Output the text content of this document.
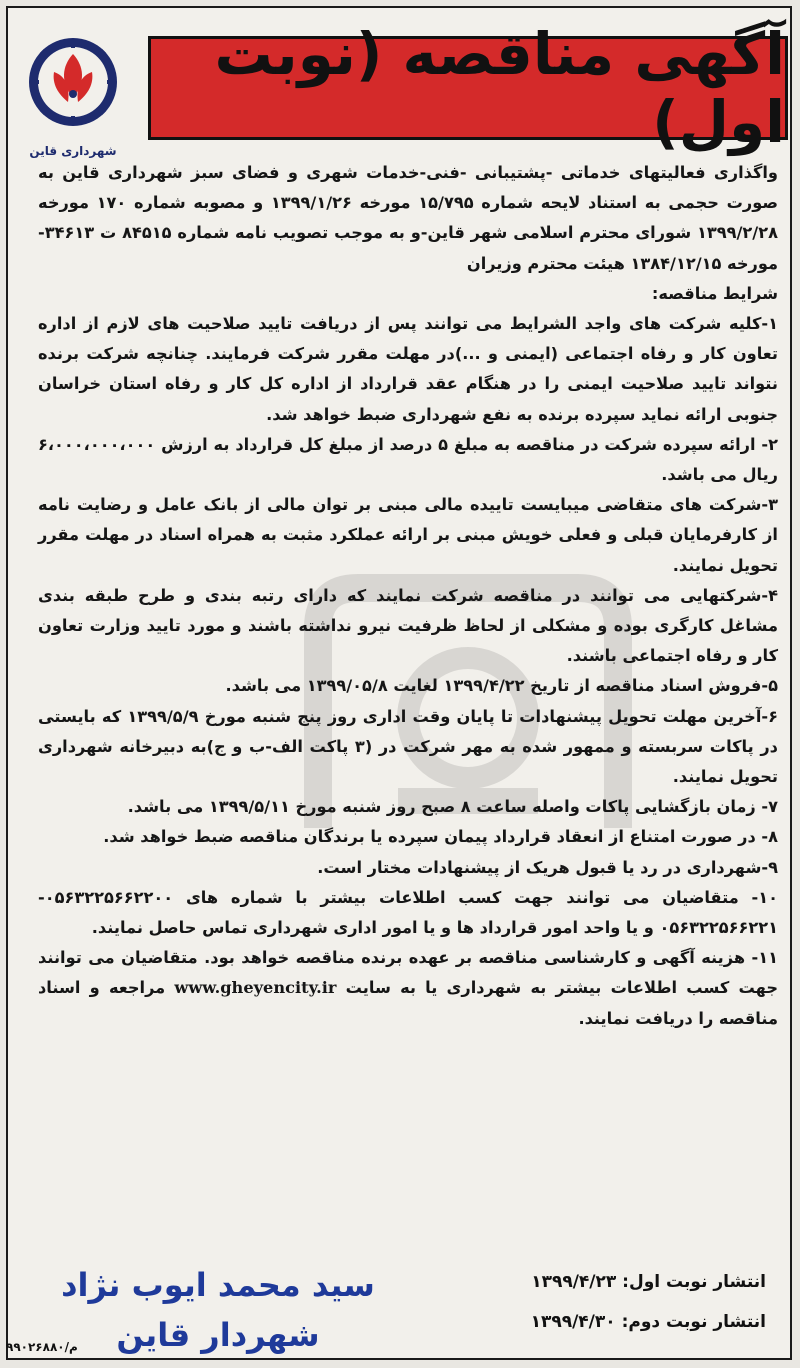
شهرداری قاین
آگهی مناقصه (نوبت اول)

واگذاری فعالیتهای خدماتی -پشتیبانی -فنی-خدمات شهری و فضای سبز شهرداری قاین به صورت حجمی به استناد لایحه شماره ۱۵/۷۹۵ مورخه ۱۳۹۹/۱/۲۶ و مصوبه شماره ۱۷۰ مورخه ۱۳۹۹/۲/۲۸ شورای محترم اسلامی شهر قاین-و به موجب تصویب نامه شماره ۸۴۵۱۵ ت ۳۴۶۱۳- مورخه ۱۳۸۴/۱۲/۱۵ هیئت محترم وزیران

شرایط مناقصه:

۱-کلیه شرکت های واجد الشرایط می توانند پس از دریافت تایید صلاحیت های لازم از اداره تعاون کار و رفاه اجتماعی (ایمنی و ...)در مهلت مقرر شرکت فرمایند. چنانچه شرکت برنده نتواند تایید صلاحیت ایمنی را در هنگام عقد قرارداد از اداره کل کار و رفاه استان خراسان جنوبی ارائه نماید سپرده برنده به نفع شهرداری ضبط خواهد شد.

۲- ارائه سپرده شرکت در مناقصه به مبلغ ۵ درصد از مبلغ کل قرارداد به ارزش ۶،۰۰۰،۰۰۰،۰۰۰ ریال می باشد.

۳-شرکت های متقاضی میبایست تاییده مالی مبنی بر توان مالی از بانک عامل و رضایت نامه از کارفرمایان قبلی و فعلی خویش مبنی بر ارائه عملکرد مثبت به همراه اسناد در مهلت مقرر تحویل نمایند.

۴-شرکتهایی می توانند در مناقصه شرکت نمایند که دارای رتبه بندی و طرح طبقه بندی مشاغل کارگری بوده و مشکلی از لحاظ ظرفیت نیرو نداشته باشند و مورد تایید وزارت تعاون کار و رفاه اجتماعی باشند.

۵-فروش اسناد مناقصه از تاریخ ۱۳۹۹/۴/۲۲ لغایت ۱۳۹۹/۰۵/۸ می باشد.

۶-آخرین مهلت تحویل پیشنهادات تا پایان وقت اداری روز پنج شنبه مورخ ۱۳۹۹/۵/۹ که بایستی در پاکات سربسته و ممهور شده به مهر شرکت در (۳ پاکت الف-ب و ج)به دبیرخانه شهرداری تحویل نمایند.

۷- زمان بازگشایی پاکات واصله ساعت ۸ صبح روز شنبه مورخ ۱۳۹۹/۵/۱۱ می باشد.

۸- در صورت امتناع از انعقاد قرارداد پیمان سپرده یا برندگان مناقصه ضبط خواهد شد.

۹-شهرداری در رد یا قبول هریک از پیشنهادات مختار است.

۱۰- متقاضیان می توانند جهت کسب اطلاعات بیشتر با شماره های ۰۵۶۳۲۲۵۶۶۲۲۰۰- ۰۵۶۳۲۲۵۶۶۲۲۱ و یا واحد امور قرارداد ها و یا امور اداری شهرداری تماس حاصل نمایند.

۱۱- هزینه آگهی و کارشناسی مناقصه بر عهده برنده مناقصه خواهد بود. متقاضیان می توانند جهت کسب اطلاعات بیشتر به شهرداری یا به سایت www.gheyencity.ir مراجعه و اسناد مناقصه را دریافت نمایند.

انتشار نوبت اول: ۱۳۹۹/۴/۲۳
انتشار نوبت دوم: ۱۳۹۹/۴/۳۰
سید محمد ایوب نژاد
شهردار قاین
۹۹۰۲۶۸۸۰/م
